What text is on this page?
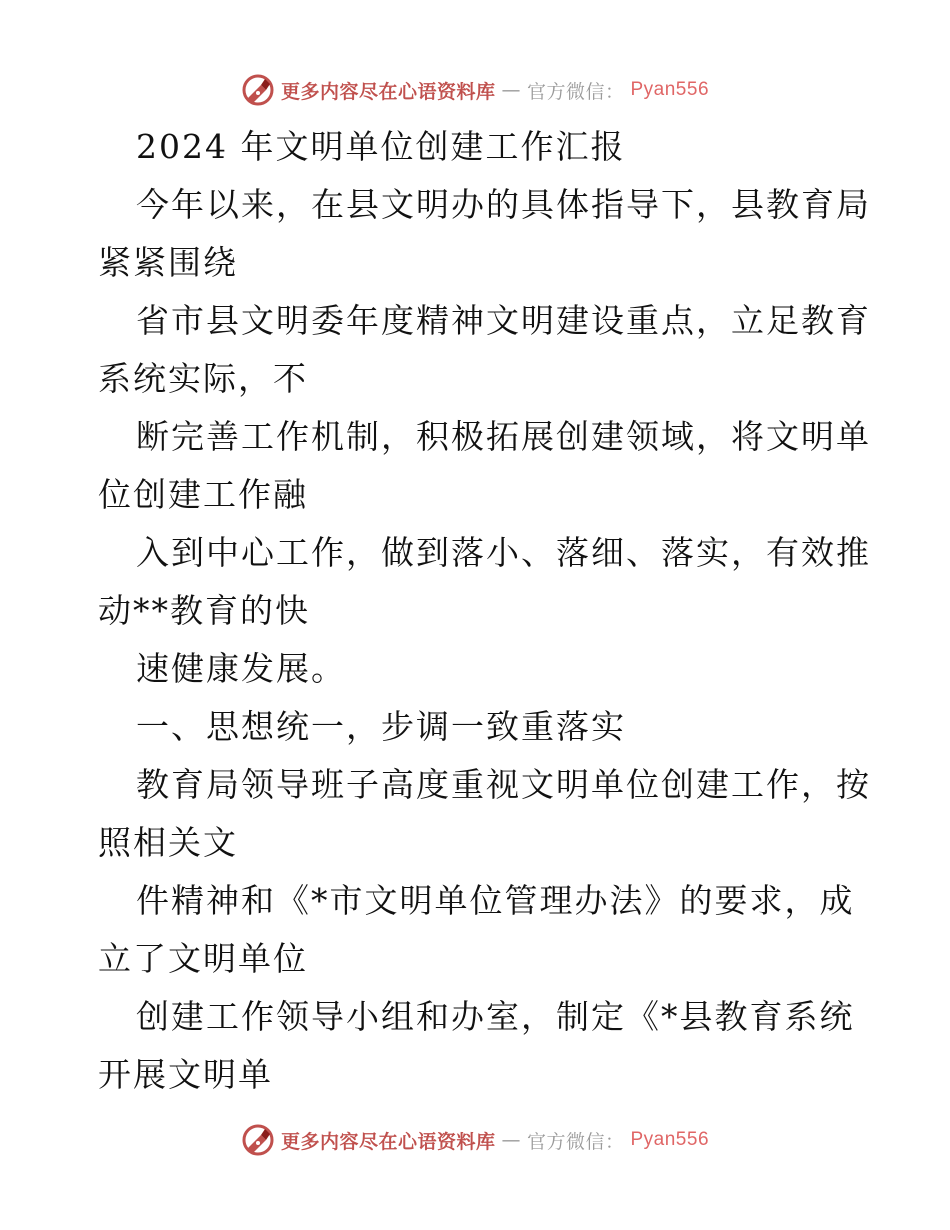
更多内容尽在心语资料库 — 官方微信： Pyan556
2024 年文明单位创建工作汇报
今年以来，在县文明办的具体指导下，县教育局
紧紧围绕
省市县文明委年度精神文明建设重点，立足教育
系统实际，不
断完善工作机制，积极拓展创建领域，将文明单
位创建工作融
入到中心工作，做到落小、落细、落实，有效推
动**教育的快
速健康发展。
一、思想统一，步调一致重落实
教育局领导班子高度重视文明单位创建工作，按
照相关文
件精神和《*市文明单位管理办法》的要求，成
立了文明单位
创建工作领导小组和办室，制定《*县教育系统
开展文明单
更多内容尽在心语资料库 — 官方微信： Pyan556
